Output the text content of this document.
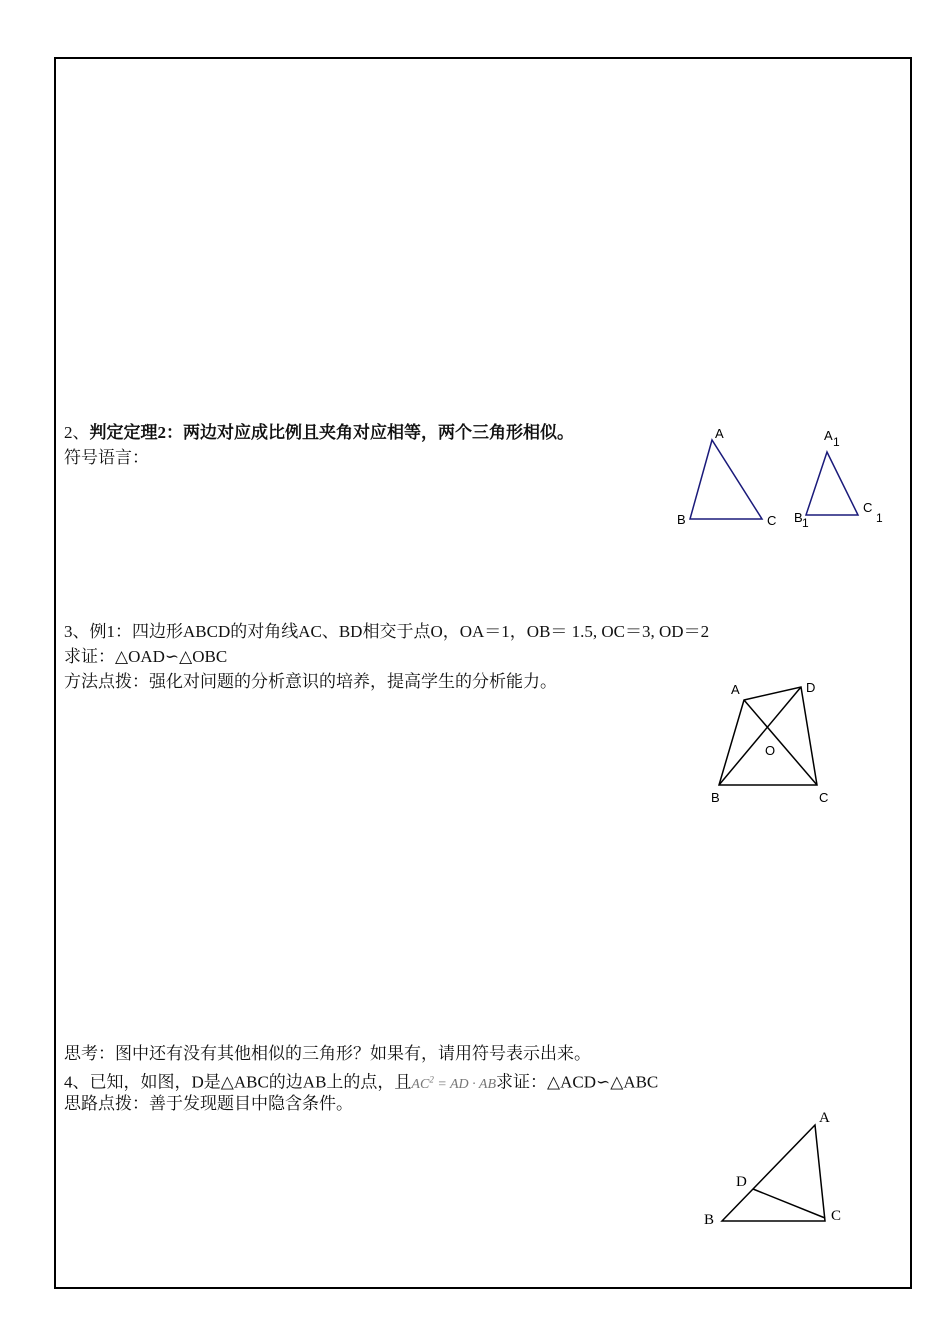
2、判定定理2：两边对应成比例且夹角对应相等，两个三角形相似。
符号语言：
A
B	C
A 1
B 1
C
1
3、例1：四边形ABCD的对角线AC、BD相交于点O，OA＝1，OB＝ 1.5, OC＝3, OD＝2
求证：△OAD∽△OBC
方法点拨：强化对问题的分析意识的培养，提高学生的分析能力。	A	D
O
B	C
思考：图中还有没有其他相似的三角形？如果有，请用符号表示出来。
4、已知，如图，D是△ABC的边AB上的点，且$AC^2$ = AD · AB求证：△ACD∽△ABC
思路点拨：善于发现题目中隐含条件。
A
D
B	C
